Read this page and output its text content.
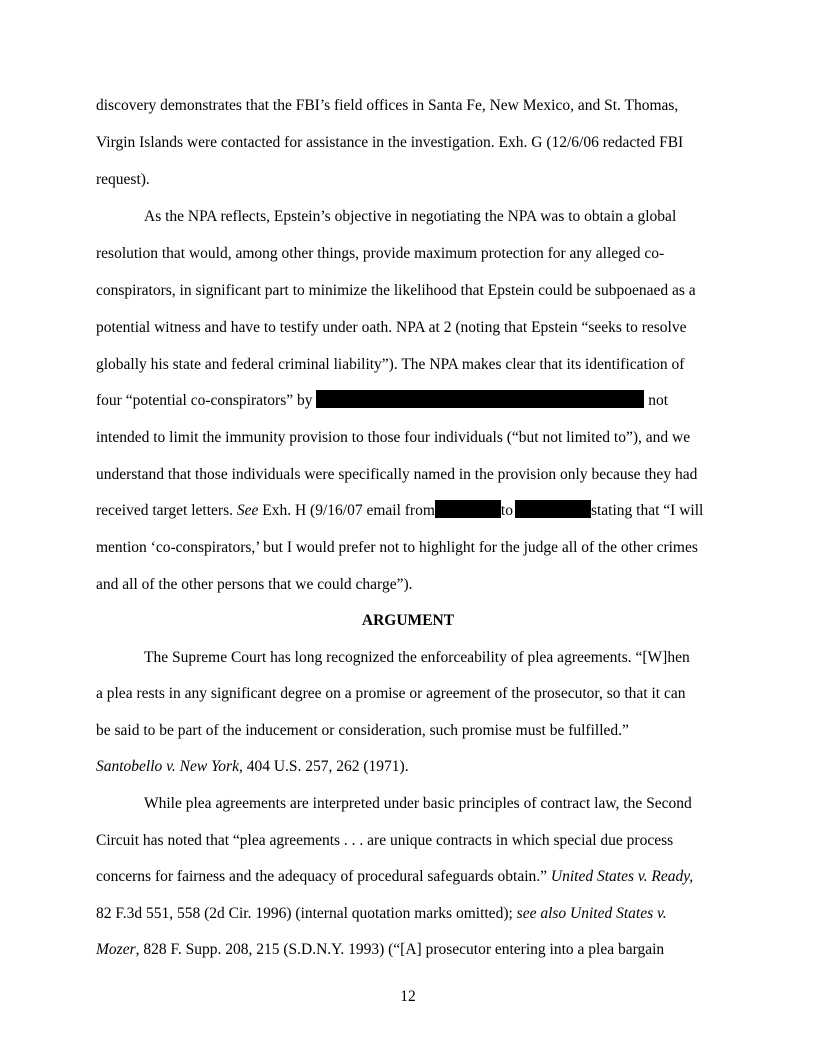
discovery demonstrates that the FBI’s field offices in Santa Fe, New Mexico, and St. Thomas,
Virgin Islands were contacted for assistance in the investigation. Exh. G (12/6/06 redacted FBI
request).
As the NPA reflects, Epstein’s objective in negotiating the NPA was to obtain a global
resolution that would, among other things, provide maximum protection for any alleged co-
conspirators, in significant part to minimize the likelihood that Epstein could be subpoenaed as a
potential witness and have to testify under oath. NPA at 2 (noting that Epstein “seeks to resolve
globally his state and federal criminal liability”). The NPA makes clear that its identification of
four “potential co-conspirators” by	not
intended to limit the immunity provision to those four individuals (“but not limited to”), and we
understand that those individuals were specifically named in the provision only because they had
received target letters. See Exh. H (9/16/07 email from	to	stating that “I will
mention ‘co-conspirators,’ but I would prefer not to highlight for the judge all of the other crimes
and all of the other persons that we could charge”).
ARGUMENT
The Supreme Court has long recognized the enforceability of plea agreements. “[W]hen
a plea rests in any significant degree on a promise or agreement of the prosecutor, so that it can
be said to be part of the inducement or consideration, such promise must be fulfilled.”
Santobello v. New York, 404 U.S. 257, 262 (1971).
While plea agreements are interpreted under basic principles of contract law, the Second
Circuit has noted that “plea agreements . . . are unique contracts in which special due process
concerns for fairness and the adequacy of procedural safeguards obtain.” United States v. Ready,
82 F.3d 551, 558 (2d Cir. 1996) (internal quotation marks omitted); see also United States v.
Mozer, 828 F. Supp. 208, 215 (S.D.N.Y. 1993) (“[A] prosecutor entering into a plea bargain
12
